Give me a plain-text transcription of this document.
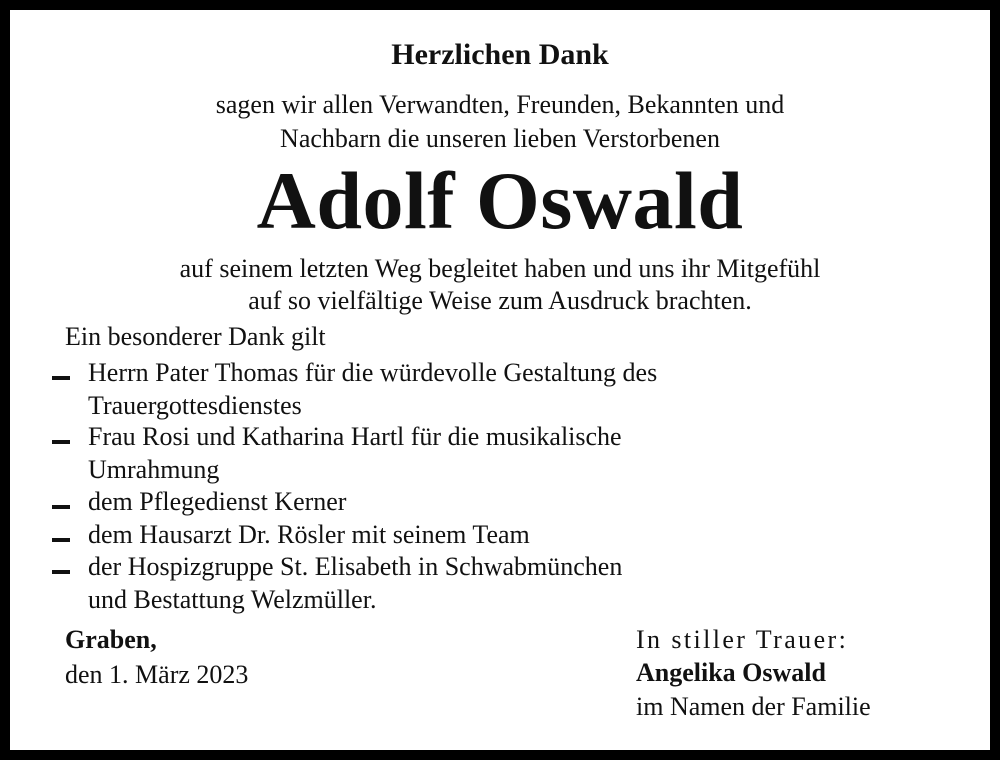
Herzlichen Dank
sagen wir allen Verwandten, Freunden, Bekannten und
Nachbarn die unseren lieben Verstorbenen
Adolf Oswald
auf seinem letzten Weg begleitet haben und uns ihr Mitgefühl
auf so vielfältige Weise zum Ausdruck brachten.
Ein besonderer Dank gilt
Herrn Pater Thomas für die würdevolle Gestaltung des
Trauergottesdienstes
Frau Rosi und Katharina Hartl für die musikalische
Umrahmung
dem Pflegedienst Kerner
dem Hausarzt Dr. Rösler mit seinem Team
der Hospizgruppe St. Elisabeth in Schwabmünchen
und Bestattung Welzmüller.
Graben,
den 1. März 2023
In stiller Trauer:
Angelika Oswald
im Namen der Familie
